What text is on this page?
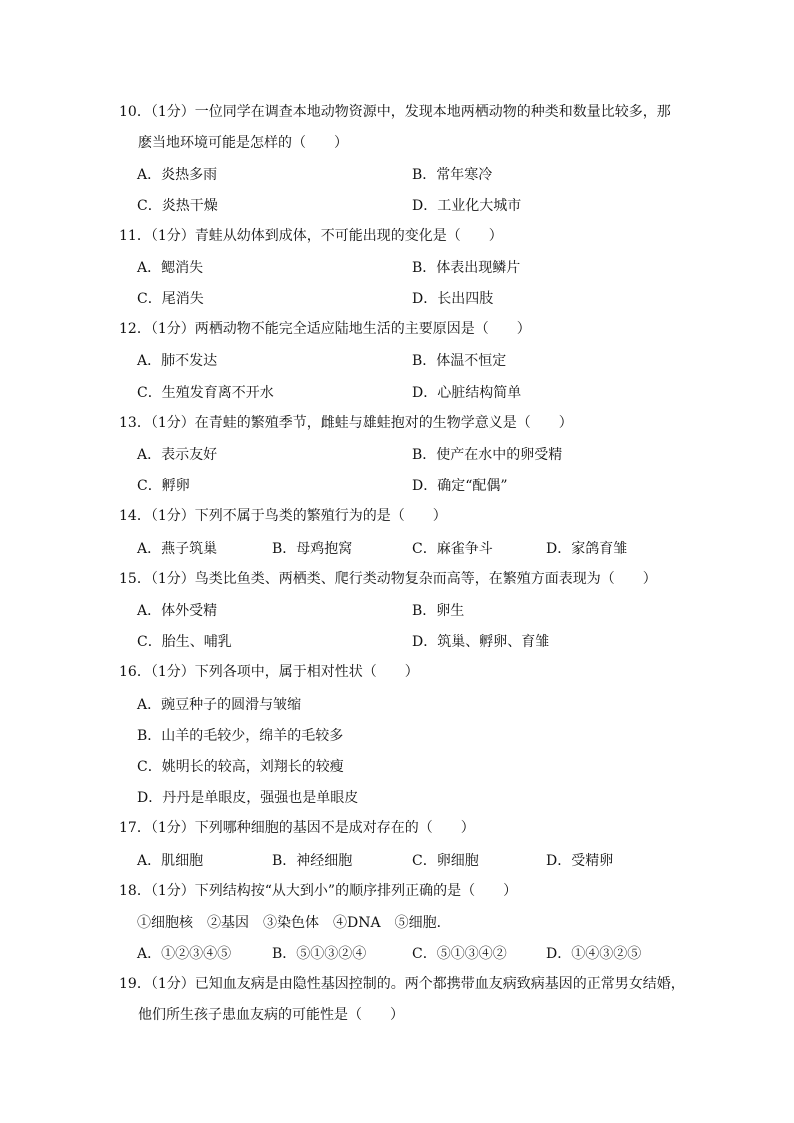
10．（1分）一位同学在调查本地动物资源中，发现本地两栖动物的种类和数量比较多，那
麽当地环境可能是怎样的（　　）
A．炎热多雨	B．常年寒冷
C．炎热干燥	D．工业化大城市
11．（1分）青蛙从幼体到成体，不可能出现的变化是（　　）
A．鳃消失	B．体表出现鳞片
C．尾消失	D．长出四肢
12．（1分）两栖动物不能完全适应陆地生活的主要原因是（　　）
A．肺不发达	B．体温不恒定
C．生殖发育离不开水	D．心脏结构简单
13．（1分）在青蛙的繁殖季节，雌蛙与雄蛙抱对的生物学意义是（　　）
A．表示友好	B．使产在水中的卵受精
C．孵卵	D．确定“配偶”
14．（1分）下列不属于鸟类的繁殖行为的是（　　）
A．燕子筑巢	B．母鸡抱窝	C．麻雀争斗	D．家鸽育雏
15．（1分）鸟类比鱼类、两栖类、爬行类动物复杂而高等，在繁殖方面表现为（　　）
A．体外受精	B．卵生
C．胎生、哺乳	D．筑巢、孵卵、育雏
16．（1分）下列各项中，属于相对性状（　　）
A．豌豆种子的圆滑与皱缩
B．山羊的毛较少，绵羊的毛较多
C．姚明长的较高，刘翔长的较瘦
D．丹丹是单眼皮，强强也是单眼皮
17．（1分）下列哪种细胞的基因不是成对存在的（　　）
A．肌细胞	B．神经细胞	C．卵细胞	D．受精卵
18．（1分）下列结构按“从大到小”的顺序排列正确的是（　　）
①细胞核　②基因　③染色体　④DNA　⑤细胞．
A．①②③④⑤	B．⑤①③②④	C．⑤①③④②	D．①④③②⑤
19．（1分）已知血友病是由隐性基因控制的。两个都携带血友病致病基因的正常男女结婚，
他们所生孩子患血友病的可能性是（　　）
